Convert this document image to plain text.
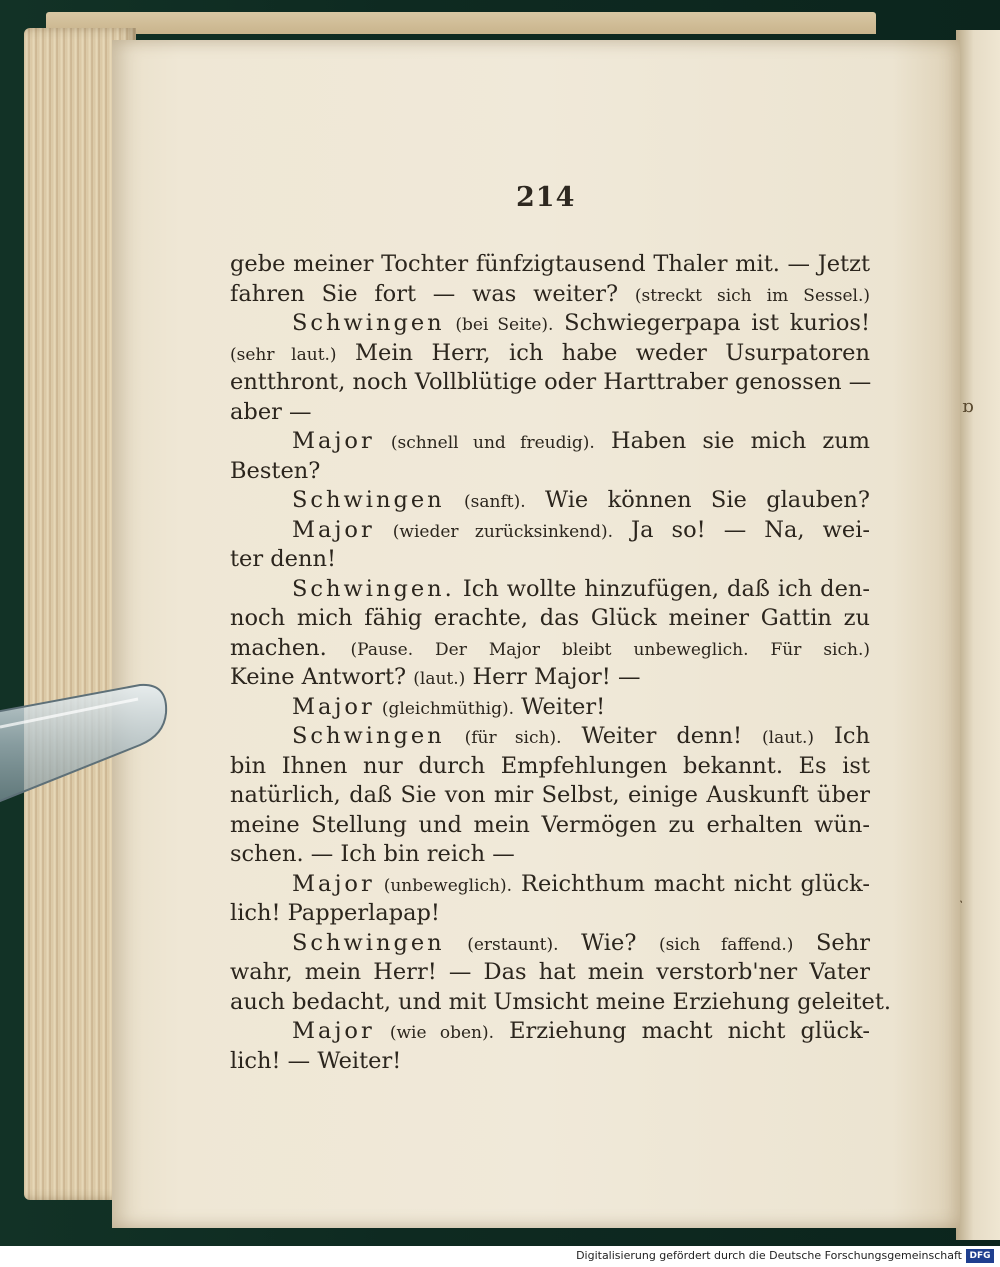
ɒ
214
gebe meiner Tochter fünfzigtausend Thaler mit. — Jetzt
fahren Sie fort — was weiter? (streckt sich im Sessel.)
Schwingen (bei Seite). Schwiegerpapa ist kurios!
(sehr laut.) Mein Herr, ich habe weder Usurpatoren
entthront, noch Vollblütige oder Harttraber genossen —
aber —
Major (schnell und freudig). Haben sie mich zum
Besten?
Schwingen (sanft). Wie können Sie glauben?
Major (wieder zurücksinkend). Ja so! — Na, wei-
ter denn!
Schwingen. Ich wollte hinzufügen, daß ich den-
noch mich fähig erachte, das Glück meiner Gattin zu
machen. (Pause. Der Major bleibt unbeweglich. Für sich.)
Keine Antwort? (laut.) Herr Major! —
Major (gleichmüthig). Weiter!
Schwingen (für sich). Weiter denn! (laut.) Ich
bin Ihnen nur durch Empfehlungen bekannt. Es ist
natürlich, daß Sie von mir Selbst, einige Auskunft über
meine Stellung und mein Vermögen zu erhalten wün-
schen. — Ich bin reich —
Major (unbeweglich). Reichthum macht nicht glück-
lich! Papperlapap!
Schwingen (erstaunt). Wie? (sich faffend.) Sehr
wahr, mein Herr! — Das hat mein verstorb'ner Vater
auch bedacht, und mit Umsicht meine Erziehung geleitet.
Major (wie oben). Erziehung macht nicht glück-
lich! — Weiter!
Digitalisierung gefördert durch die Deutsche Forschungsgemeinschaft DFG
